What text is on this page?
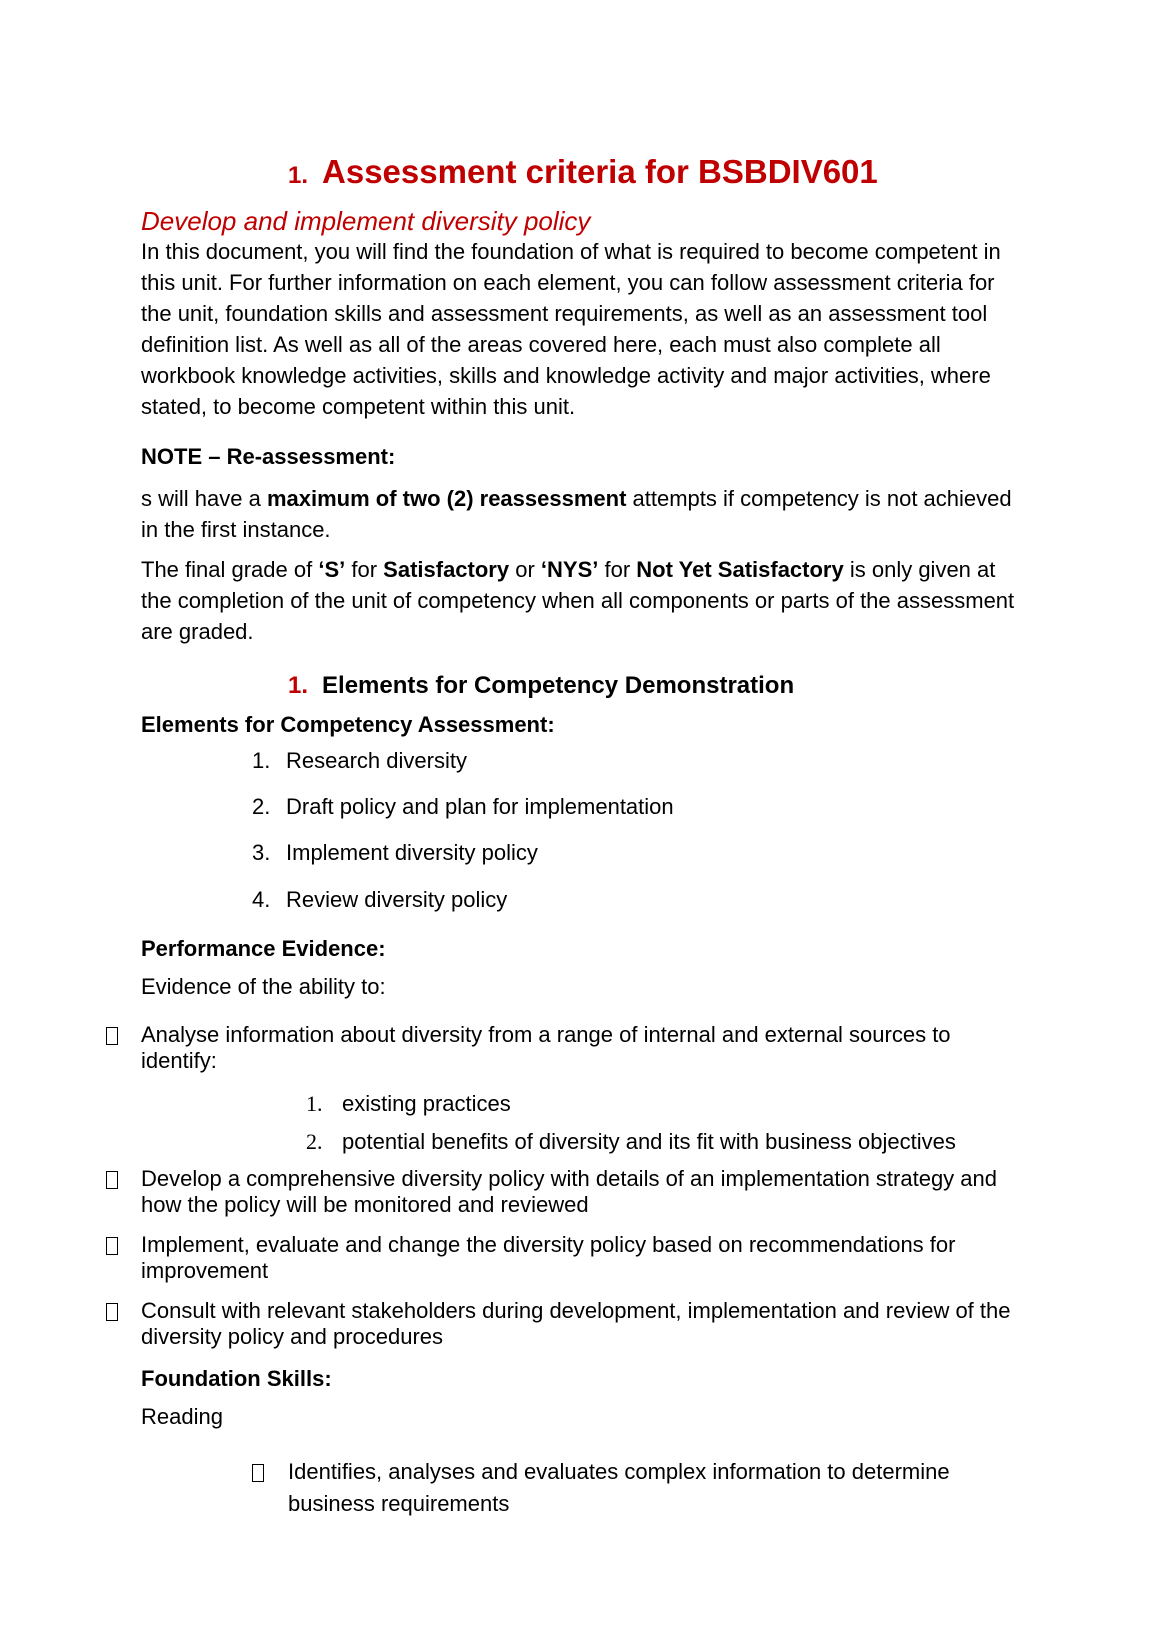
1. Assessment criteria for BSBDIV601
Develop and implement diversity policy
In this document, you will find the foundation of what is required to become competent in this unit. For further information on each element, you can follow assessment criteria for the unit, foundation skills and assessment requirements, as well as an assessment tool definition list. As well as all of the areas covered here, each must also complete all workbook knowledge activities, skills and knowledge activity and major activities, where stated, to become competent within this unit.
NOTE – Re-assessment:
s will have a maximum of two (2) reassessment attempts if competency is not achieved in the first instance.
The final grade of ‘S’ for Satisfactory or ‘NYS’ for Not Yet Satisfactory is only given at the completion of the unit of competency when all components or parts of the assessment are graded.
1. Elements for Competency Demonstration
Elements for Competency Assessment:
1. Research diversity
2. Draft policy and plan for implementation
3. Implement diversity policy
4. Review diversity policy
Performance Evidence:
Evidence of the ability to:
Analyse information about diversity from a range of internal and external sources to identify:
1. existing practices
2. potential benefits of diversity and its fit with business objectives
Develop a comprehensive diversity policy with details of an implementation strategy and how the policy will be monitored and reviewed
Implement, evaluate and change the diversity policy based on recommendations for improvement
Consult with relevant stakeholders during development, implementation and review of the diversity policy and procedures
Foundation Skills:
Reading
Identifies, analyses and evaluates complex information to determine business requirements
